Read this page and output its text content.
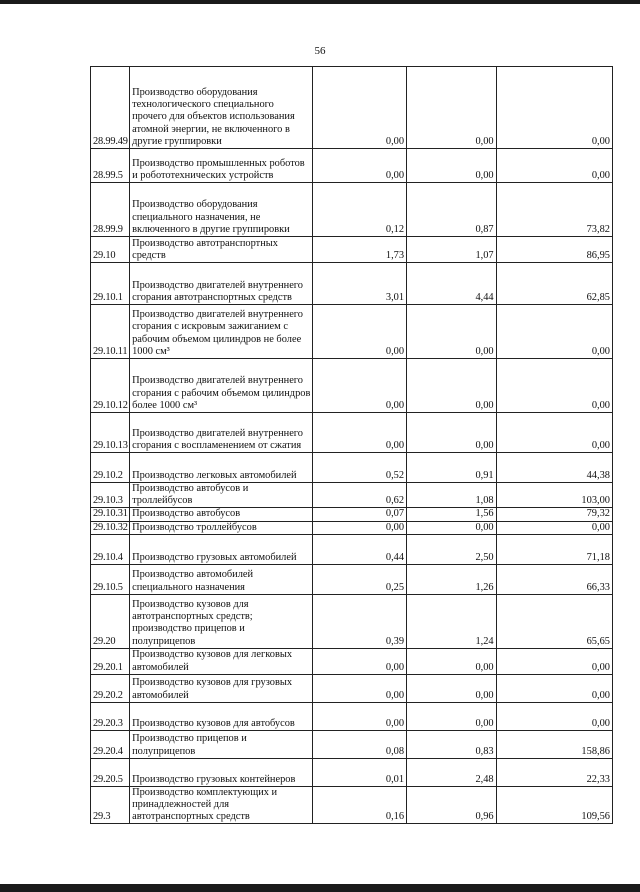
56
28.99.49	Производство оборудования технологического специального прочего для объектов использования атомной энергии, не включенного в другие группировки	0,00	0,00	0,00
28.99.5	Производство промышленных роботов и робототехнических устройств	0,00	0,00	0,00
28.99.9	Производство оборудования специального назначения, не включенного в другие группировки	0,12	0,87	73,82
29.10	Производство автотранспортных средств	1,73	1,07	86,95
29.10.1	Производство двигателей внутреннего сгорания автотранспортных средств	3,01	4,44	62,85
29.10.11	Производство двигателей внутреннего сгорания с искровым зажиганием с рабочим объемом цилиндров не более 1000 см³	0,00	0,00	0,00
29.10.12	Производство двигателей внутреннего сгорания с рабочим объемом цилиндров более 1000 см³	0,00	0,00	0,00
29.10.13	Производство двигателей внутреннего сгорания с воспламенением от сжатия	0,00	0,00	0,00
29.10.2	Производство легковых автомобилей	0,52	0,91	44,38
29.10.3	Производство автобусов и троллейбусов	0,62	1,08	103,00
29.10.31	Производство автобусов	0,07	1,56	79,32
29.10.32	Производство троллейбусов	0,00	0,00	0,00
29.10.4	Производство грузовых автомобилей	0,44	2,50	71,18
29.10.5	Производство автомобилей специального назначения	0,25	1,26	66,33
29.20	Производство кузовов для автотранспортных средств; производство прицепов и полуприцепов	0,39	1,24	65,65
29.20.1	Производство кузовов для легковых автомобилей	0,00	0,00	0,00
29.20.2	Производство кузовов для грузовых автомобилей	0,00	0,00	0,00
29.20.3	Производство кузовов для автобусов	0,00	0,00	0,00
29.20.4	Производство прицепов и полуприцепов	0,08	0,83	158,86
29.20.5	Производство грузовых контейнеров	0,01	2,48	22,33
29.3	Производство комплектующих и принадлежностей для автотранспортных средств	0,16	0,96	109,56
